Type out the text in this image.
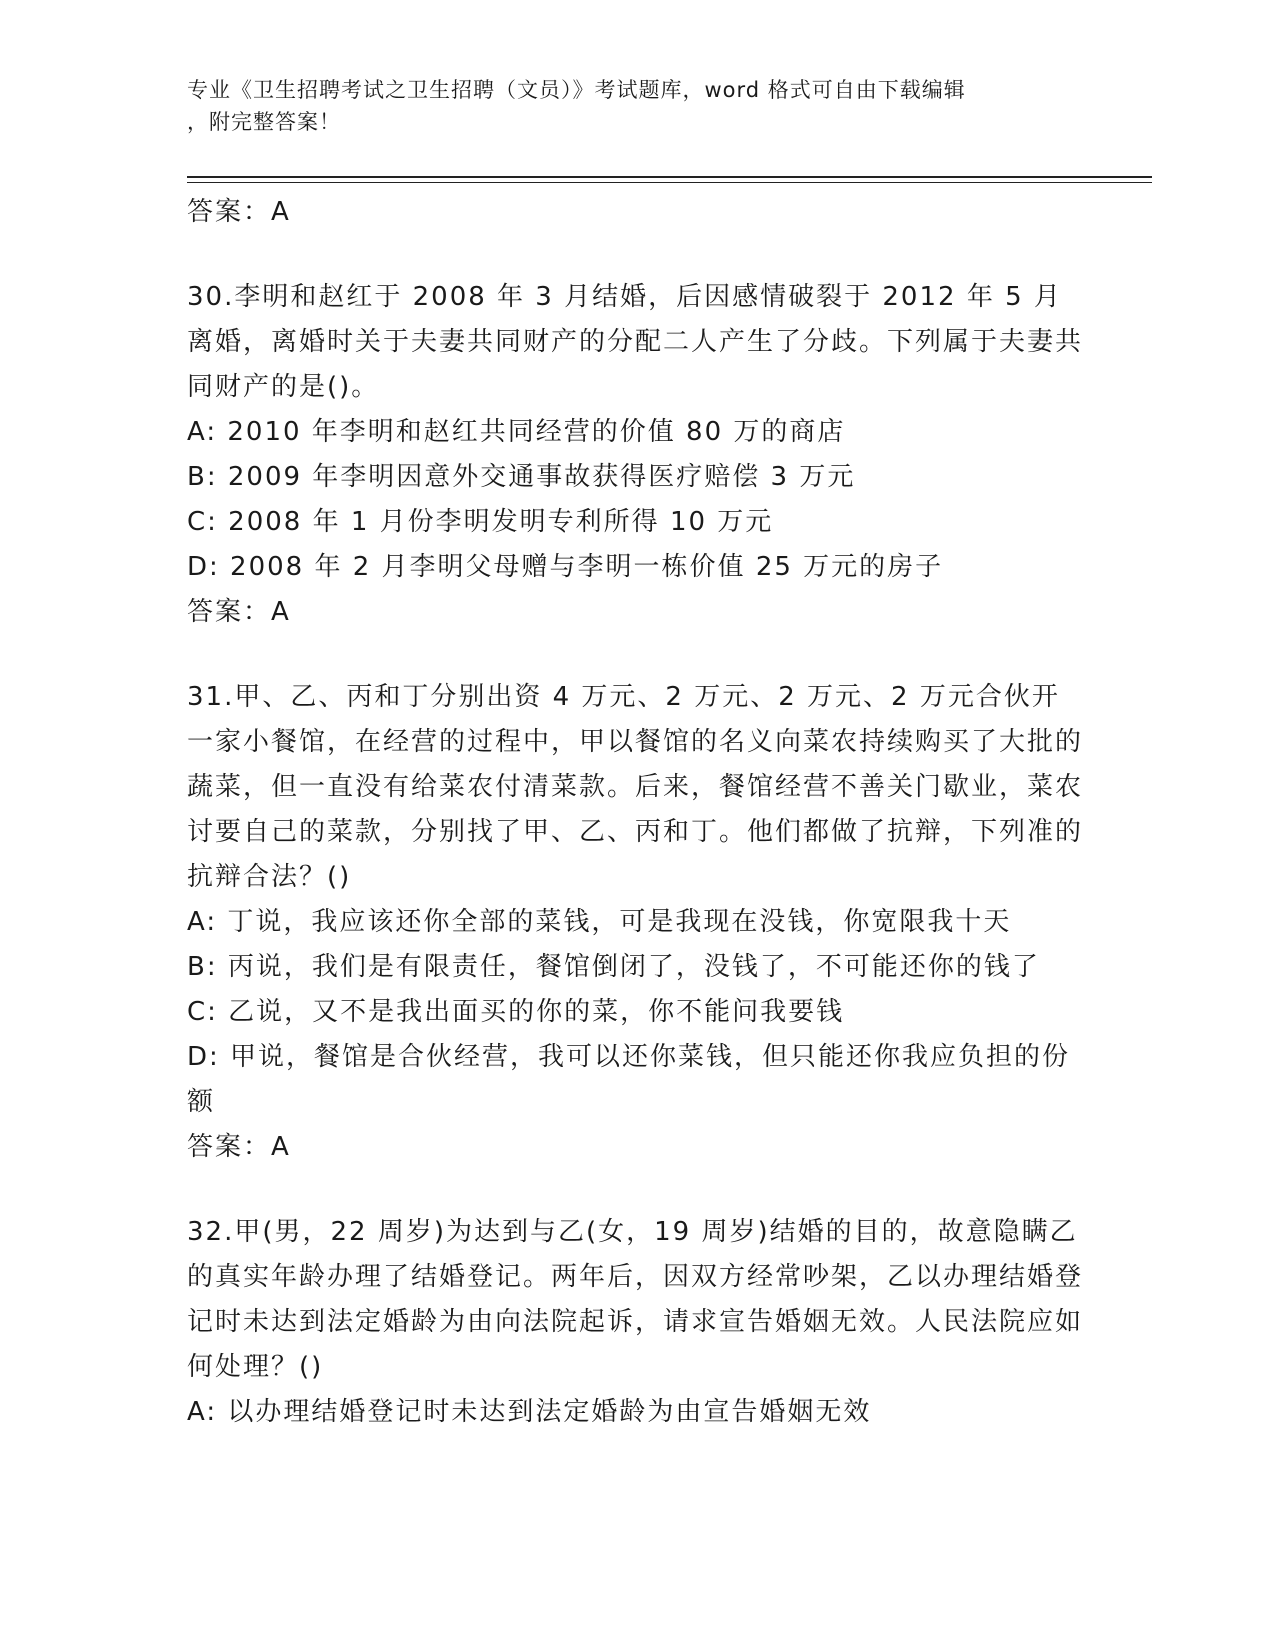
专业《卫生招聘考试之卫生招聘（文员）》考试题库，word 格式可自由下载编辑
，附完整答案！

答案：A

30.李明和赵红于 2008 年 3 月结婚，后因感情破裂于 2012 年 5 月离婚，离婚时关于夫妻共同财产的分配二人产生了分歧。下列属于夫妻共同财产的是()。

A: 2010 年李明和赵红共同经营的价值 80 万的商店

B: 2009 年李明因意外交通事故获得医疗赔偿 3 万元

C: 2008 年 1 月份李明发明专利所得 10 万元

D: 2008 年 2 月李明父母赠与李明一栋价值 25 万元的房子

答案：A

31.甲、乙、丙和丁分别出资 4 万元、2 万元、2 万元、2 万元合伙开一家小餐馆，在经营的过程中，甲以餐馆的名义向菜农持续购买了大批的蔬菜，但一直没有给菜农付清菜款。后来，餐馆经营不善关门歇业，菜农讨要自己的菜款，分别找了甲、乙、丙和丁。他们都做了抗辩，下列准的抗辩合法？()

A: 丁说，我应该还你全部的菜钱，可是我现在没钱，你宽限我十天

B: 丙说，我们是有限责任，餐馆倒闭了，没钱了，不可能还你的钱了

C: 乙说，又不是我出面买的你的菜，你不能问我要钱

D: 甲说，餐馆是合伙经营，我可以还你菜钱，但只能还你我应负担的份额

答案：A

32.甲(男，22 周岁)为达到与乙(女，19 周岁)结婚的目的，故意隐瞒乙的真实年龄办理了结婚登记。两年后，因双方经常吵架，乙以办理结婚登记时未达到法定婚龄为由向法院起诉，请求宣告婚姻无效。人民法院应如何处理？()

A: 以办理结婚登记时未达到法定婚龄为由宣告婚姻无效
